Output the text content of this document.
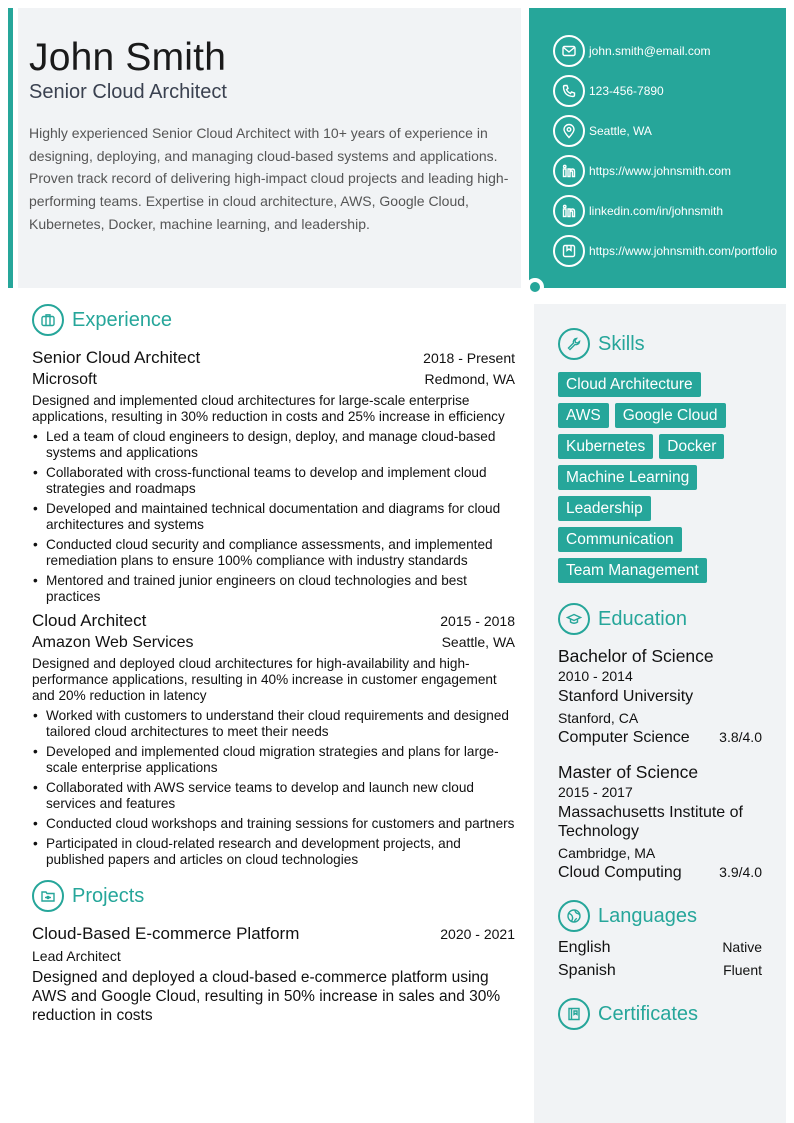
John Smith
Senior Cloud Architect
Highly experienced Senior Cloud Architect with 10+ years of experience in designing, deploying, and managing cloud-based systems and applications. Proven track record of delivering high-impact cloud projects and leading high-performing teams. Expertise in cloud architecture, AWS, Google Cloud, Kubernetes, Docker, machine learning, and leadership.
john.smith@email.com
123-456-7890
Seattle, WA
https://www.johnsmith.com
linkedin.com/in/johnsmith
https://www.johnsmith.com/portfolio
Experience
Senior Cloud Architect	2018 - Present
Microsoft	Redmond, WA
Designed and implemented cloud architectures for large-scale enterprise applications, resulting in 30% reduction in costs and 25% increase in efficiency
• Led a team of cloud engineers to design, deploy, and manage cloud-based systems and applications
• Collaborated with cross-functional teams to develop and implement cloud strategies and roadmaps
• Developed and maintained technical documentation and diagrams for cloud architectures and systems
• Conducted cloud security and compliance assessments, and implemented remediation plans to ensure 100% compliance with industry standards
• Mentored and trained junior engineers on cloud technologies and best practices
Cloud Architect	2015 - 2018
Amazon Web Services	Seattle, WA
Designed and deployed cloud architectures for high-availability and high-performance applications, resulting in 40% increase in customer engagement and 20% reduction in latency
• Worked with customers to understand their cloud requirements and designed tailored cloud architectures to meet their needs
• Developed and implemented cloud migration strategies and plans for large-scale enterprise applications
• Collaborated with AWS service teams to develop and launch new cloud services and features
• Conducted cloud workshops and training sessions for customers and partners
• Participated in cloud-related research and development projects, and published papers and articles on cloud technologies
Projects
Cloud-Based E-commerce Platform	2020 - 2021
Lead Architect
Designed and deployed a cloud-based e-commerce platform using AWS and Google Cloud, resulting in 50% increase in sales and 30% reduction in costs
Skills
Cloud Architecture
AWS	Google Cloud
Kubernetes	Docker
Machine Learning
Leadership
Communication
Team Management
Education
Bachelor of Science
2010 - 2014
Stanford University
Stanford, CA
Computer Science 3.8/4.0
Master of Science
2015 - 2017
Massachusetts Institute of Technology
Cambridge, MA
Cloud Computing	3.9/4.0
Languages
English	Native
Spanish	Fluent
Certificates
